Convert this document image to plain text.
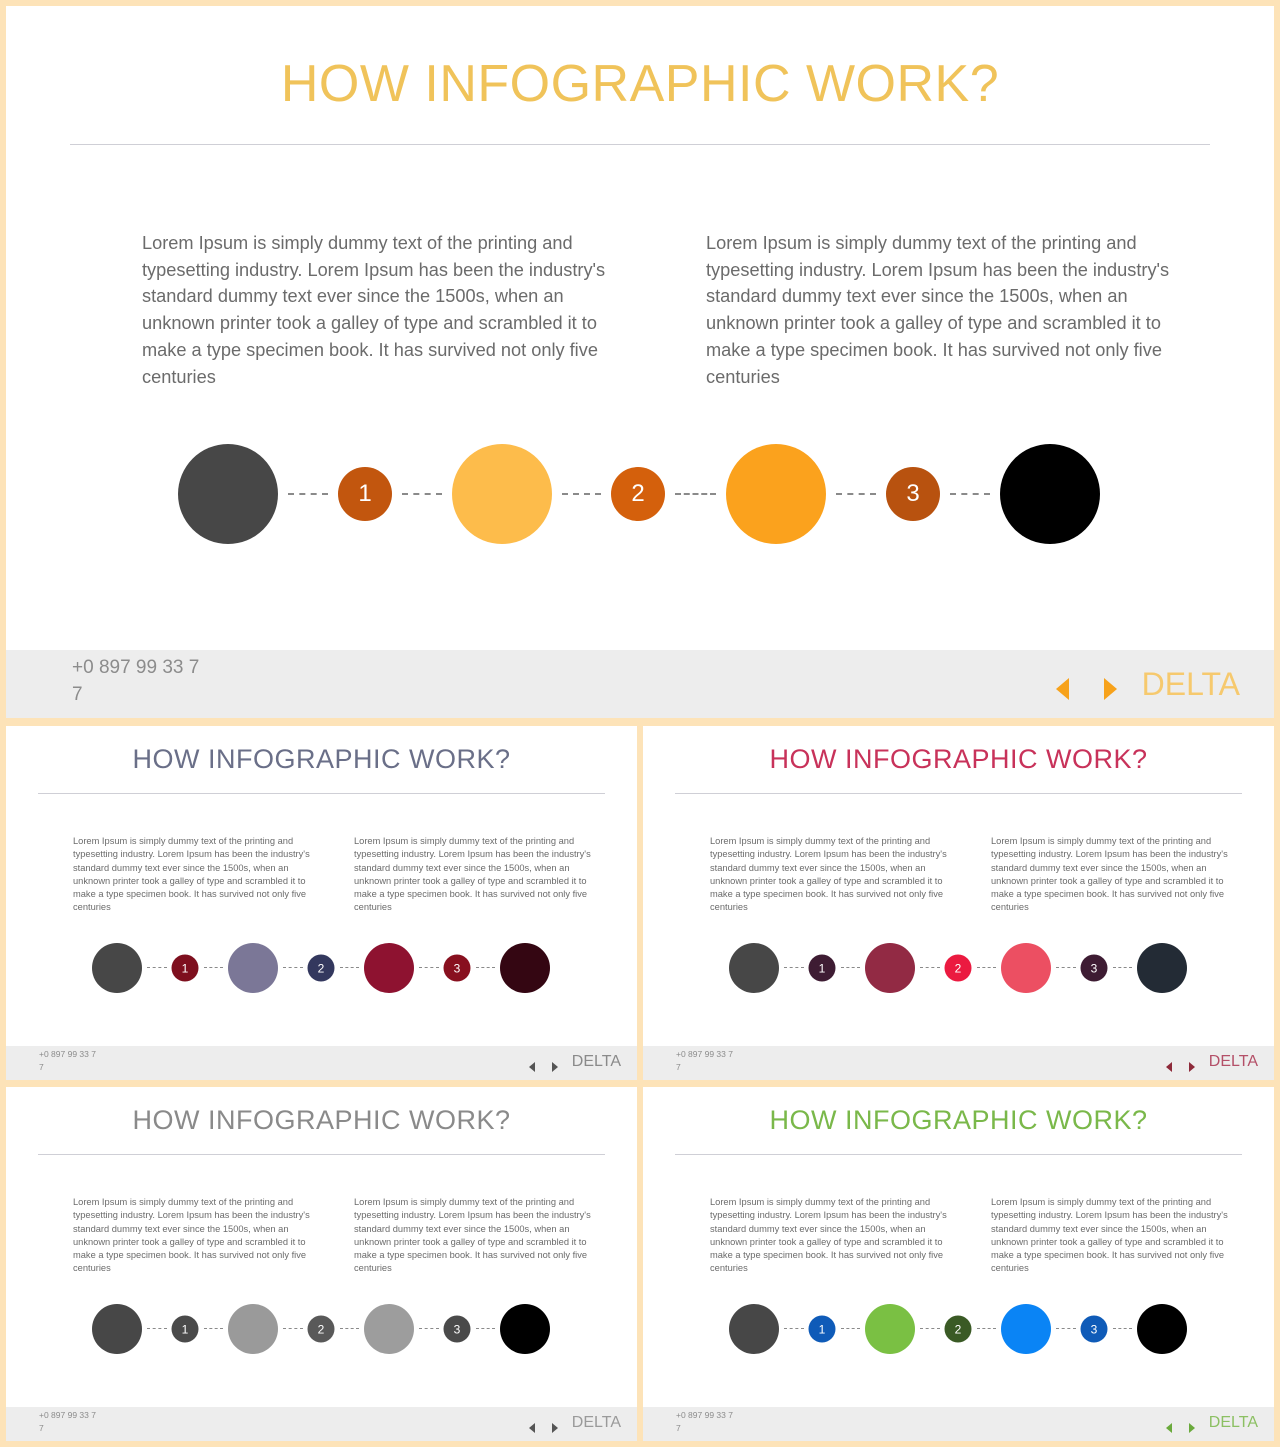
HOW INFOGRAPHIC WORK?

Lorem Ipsum is simply dummy text of the printing and typesetting industry. Lorem Ipsum has been the industry's standard dummy text ever since the 1500s, when an unknown printer took a galley of type and scrambled it to make a type specimen book. It has survived not only five centuries

Lorem Ipsum is simply dummy text of the printing and typesetting industry. Lorem Ipsum has been the industry's standard dummy text ever since the 1500s, when an unknown printer took a galley of type and scrambled it to make a type specimen book. It has survived not only five centuries

1	2	3
+0 897 99 33 7
7	DELTA
HOW INFOGRAPHIC WORK?

Lorem Ipsum is simply dummy text of the printing and typesetting industry. Lorem Ipsum has been the industry's standard dummy text ever since the 1500s, when an unknown printer took a galley of type and scrambled it to make a type specimen book. It has survived not only five centuries

Lorem Ipsum is simply dummy text of the printing and typesetting industry. Lorem Ipsum has been the industry's standard dummy text ever since the 1500s, when an unknown printer took a galley of type and scrambled it to make a type specimen book. It has survived not only five centuries

1	2	3
+0 897 99 33 7
7	DELTA
HOW INFOGRAPHIC WORK?

Lorem Ipsum is simply dummy text of the printing and typesetting industry. Lorem Ipsum has been the industry's standard dummy text ever since the 1500s, when an unknown printer took a galley of type and scrambled it to make a type specimen book. It has survived not only five centuries

Lorem Ipsum is simply dummy text of the printing and typesetting industry. Lorem Ipsum has been the industry's standard dummy text ever since the 1500s, when an unknown printer took a galley of type and scrambled it to make a type specimen book. It has survived not only five centuries

1	2	3
+0 897 99 33 7
7	DELTA
HOW INFOGRAPHIC WORK?

Lorem Ipsum is simply dummy text of the printing and typesetting industry. Lorem Ipsum has been the industry's standard dummy text ever since the 1500s, when an unknown printer took a galley of type and scrambled it to make a type specimen book. It has survived not only five centuries

Lorem Ipsum is simply dummy text of the printing and typesetting industry. Lorem Ipsum has been the industry's standard dummy text ever since the 1500s, when an unknown printer took a galley of type and scrambled it to make a type specimen book. It has survived not only five centuries

1	2	3
+0 897 99 33 7
7	DELTA
HOW INFOGRAPHIC WORK?

Lorem Ipsum is simply dummy text of the printing and typesetting industry. Lorem Ipsum has been the industry's standard dummy text ever since the 1500s, when an unknown printer took a galley of type and scrambled it to make a type specimen book. It has survived not only five centuries

Lorem Ipsum is simply dummy text of the printing and typesetting industry. Lorem Ipsum has been the industry's standard dummy text ever since the 1500s, when an unknown printer took a galley of type and scrambled it to make a type specimen book. It has survived not only five centuries

1	2	3
+0 897 99 33 7
7	DELTA
